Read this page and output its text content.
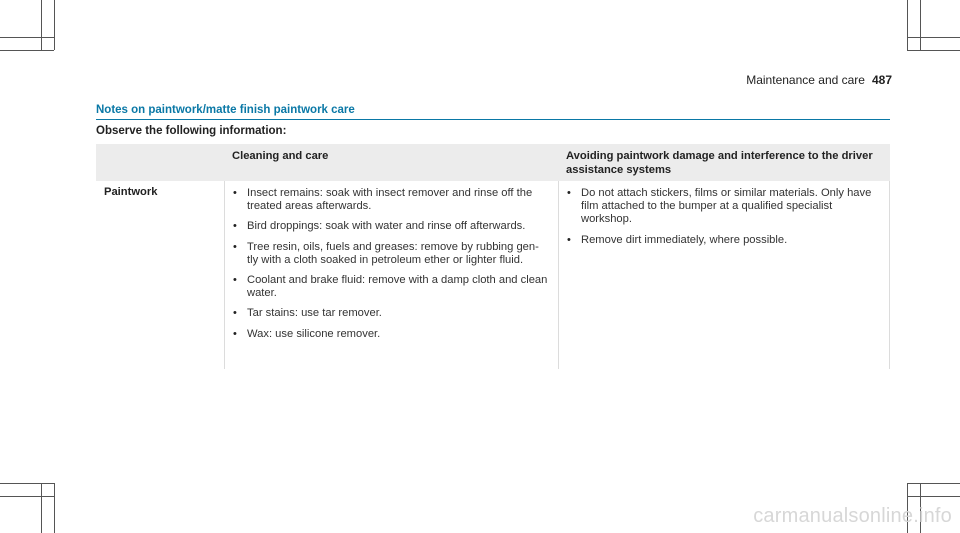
Maintenance and care 487
Notes on paintwork/matte finish paintwork care
Observe the following information:
Cleaning and care	Avoiding paintwork damage and interference to the driver assistance systems
Paintwork	• Insect remains: soak with insect remover and rinse off the treated areas afterwards.
• Bird droppings: soak with water and rinse off afterwards.
• Tree resin, oils, fuels and greases: remove by rubbing gen-tly with a cloth soaked in petroleum ether or lighter fluid.
• Coolant and brake fluid: remove with a damp cloth and clean water.
• Tar stains: use tar remover.
• Wax: use silicone remover.
• Do not attach stickers, films or similar materials. Only have film attached to the bumper at a qualified specialist workshop.
• Remove dirt immediately, where possible.
carmanualsonline.info
